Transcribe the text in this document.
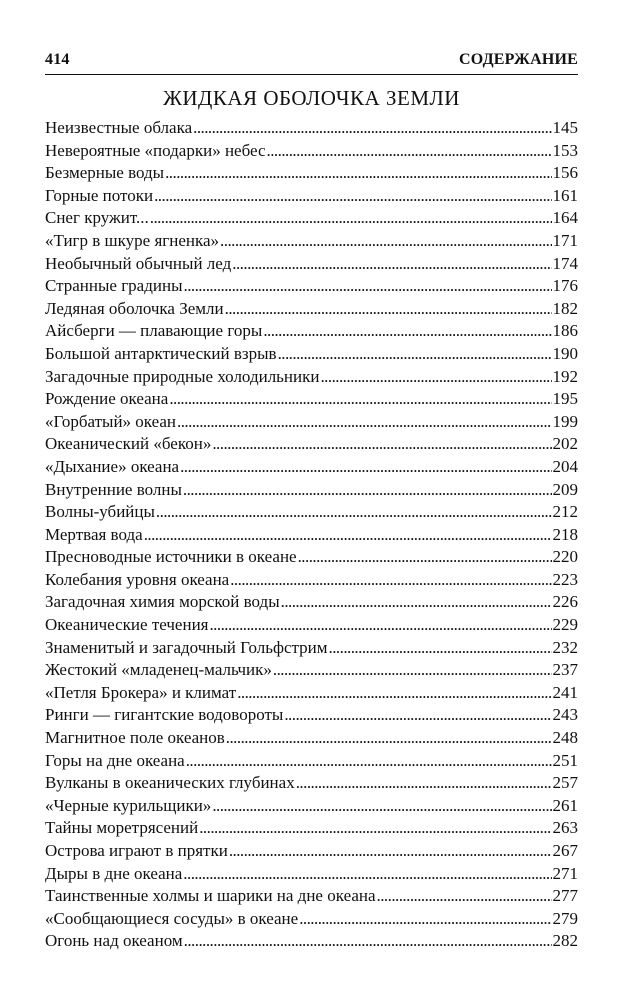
414	СОДЕРЖАНИЕ
ЖИДКАЯ ОБОЛОЧКА ЗЕМЛИ
Неизвестные облака . . .	145
Невероятные «подарки» небес . . .	153
Безмерные воды . . .	156
Горные потоки . . .	161
Снег кружит... . . .	164
«Тигр в шкуре ягненка» . . .	171
Необычный обычный лед . . .	174
Странные градины . . .	176
Ледяная оболочка Земли . . .	182
Айсберги — плавающие горы . . .	186
Большой антарктический взрыв . . .	190
Загадочные природные холодильники . . .	192
Рождение океана . . .	195
«Горбатый» океан . . .	199
Океанический «бекон» . . .	202
«Дыхание» океана . . .	204
Внутренние волны . . .	209
Волны-убийцы . . .	212
Мертвая вода . . .	218
Пресноводные источники в океане . . .	220
Колебания уровня океана . . .	223
Загадочная химия морской воды . . .	226
Океанические течения . . .	229
Знаменитый и загадочный Гольфстрим . . .	232
Жестокий «младенец-мальчик» . . .	237
«Петля Брокера» и климат . . .	241
Ринги — гигантские водовороты . . .	243
Магнитное поле океанов . . .	248
Горы на дне океана . . .	251
Вулканы в океанических глубинах . . .	257
«Черные курильщики» . . .	261
Тайны моретрясений . . .	263
Острова играют в прятки . . .	267
Дыры в дне океана . . .	271
Таинственные холмы и шарики на дне океана . . .	277
«Сообщающиеся сосуды» в океане . . .	279
Огонь над океаном . . .	282
